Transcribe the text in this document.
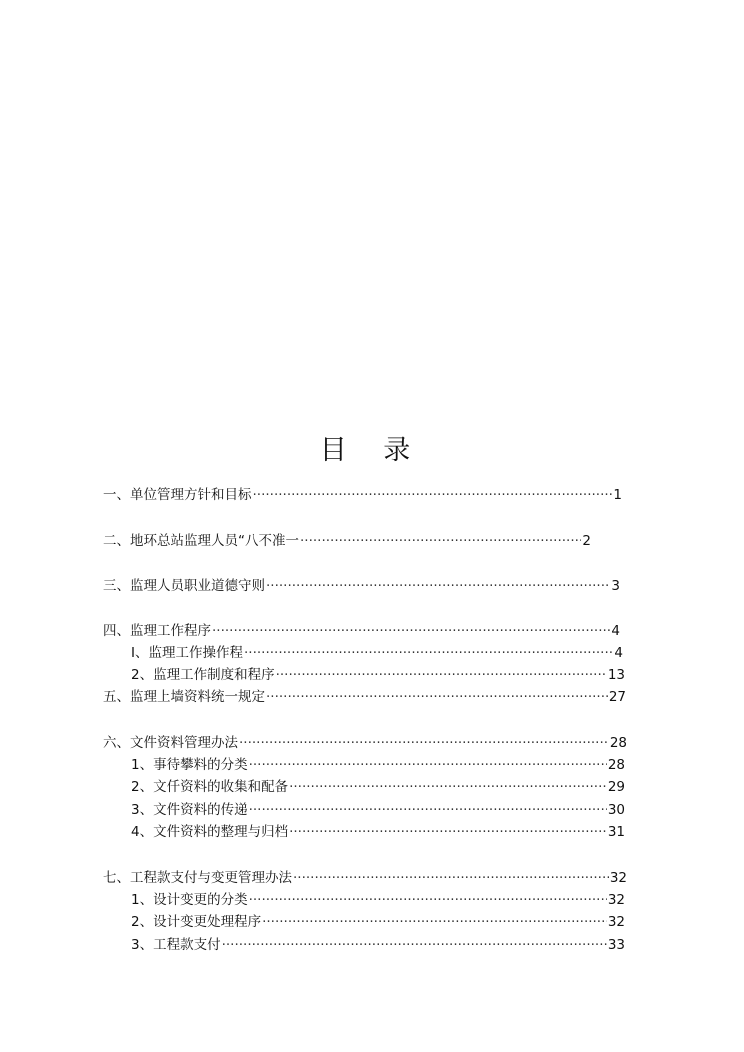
目 录
一、单位管理方针和目标 ·····	1
二、地环总站监理人员“八不准一 ·····	2
三、监理人员职业道德守则 ·····	3
四、监理工作程序 ·····	4
I、监理工作操作程 ·····	4
2、监理工作制度和程序 ·····	13
五、监理上墙资料统一规定 ·····	27
六、文件资料管理办法 ·····	28
1、事待攀料的分类 ·····	28
2、文仟资料的收集和配备 ·····	29
3、文件资料的传递 ·····	30
4、文件资料的整理与归档 ·····	31
七、工程款支付与变更管理办法 ·····	32
1、设计变更的分类 ·····	32
2、设计变更处理程序 ·····	32
3、工程款支付 ·····	33
